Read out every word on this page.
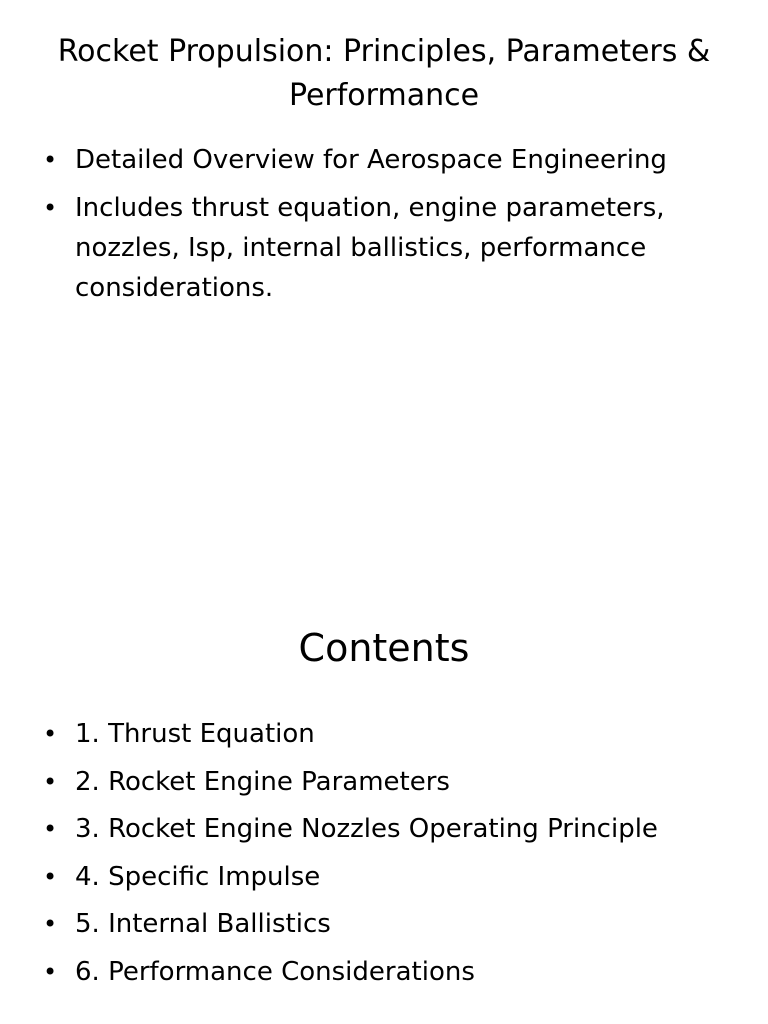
Rocket Propulsion: Principles, Parameters & Performance
• Detailed Overview for Aerospace Engineering
• Includes thrust equation, engine parameters, nozzles, Isp, internal ballistics, performance considerations.
Contents
• 1. Thrust Equation
• 2. Rocket Engine Parameters
• 3. Rocket Engine Nozzles Operating Principle
• 4. Specific Impulse
• 5. Internal Ballistics
• 6. Performance Considerations
